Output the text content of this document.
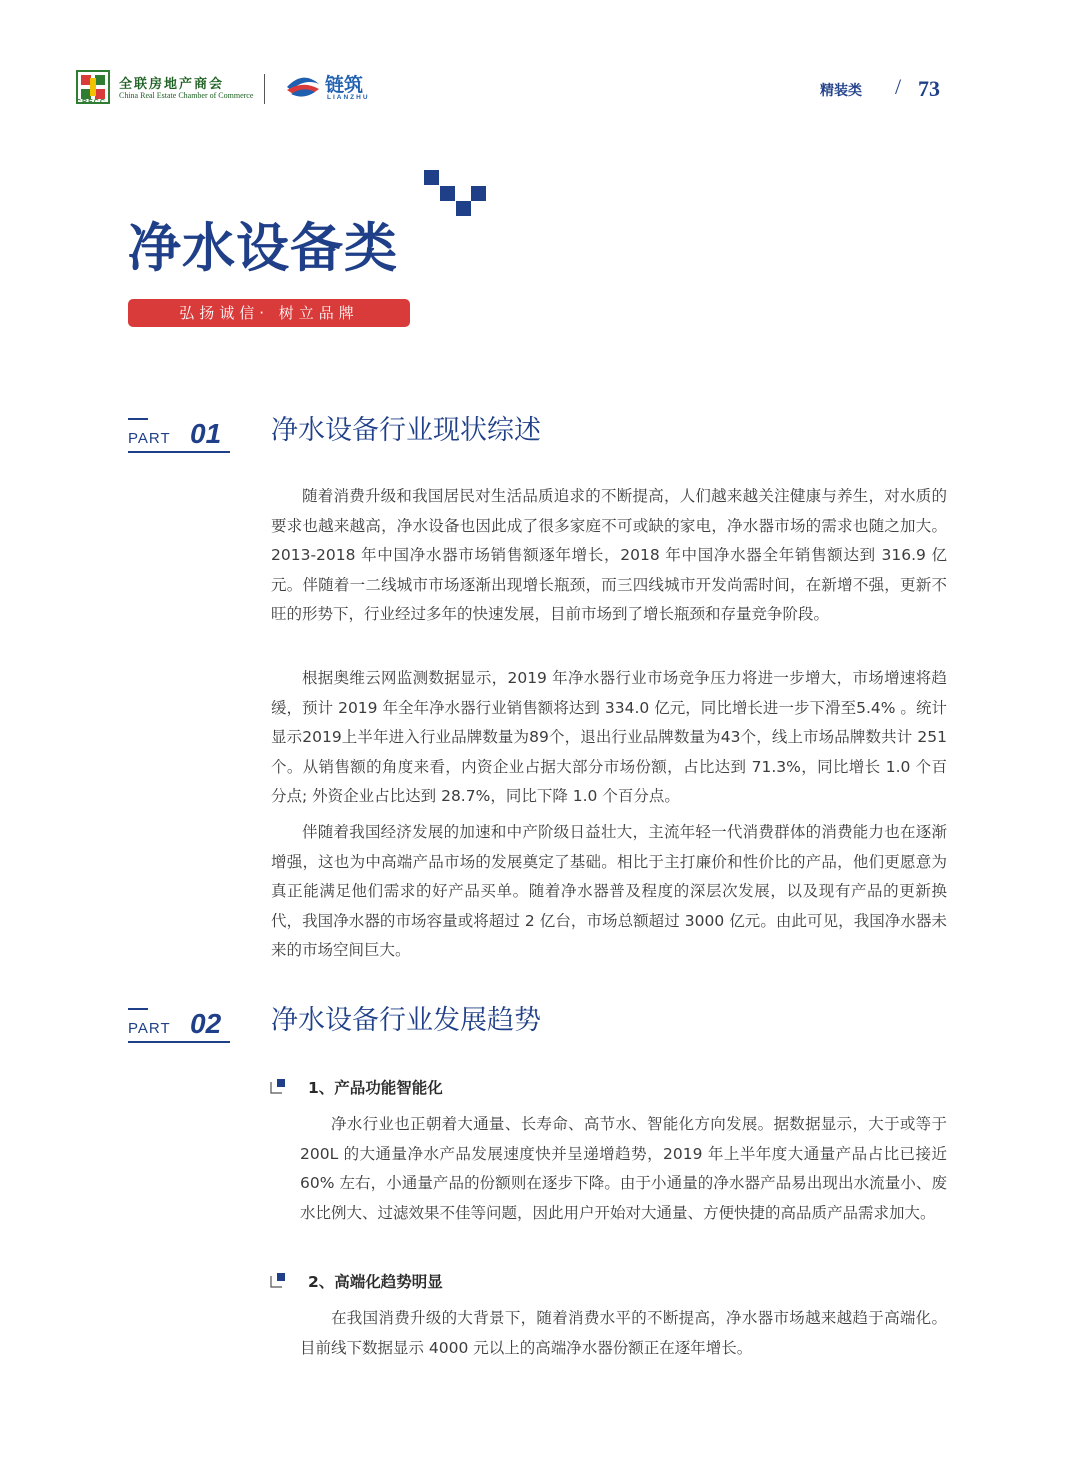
CRECC
全联房地产商会
China Real Estate Chamber of Commerce	链筑
LIANZHU	精装类 / 73
净水设备类
弘扬诚信· 树立品牌
PART 01 净水设备行业现状综述

随着消费升级和我国居民对生活品质追求的不断提高，人们越来越关注健康与养生，对水质的要求也越来越高，净水设备也因此成了很多家庭不可或缺的家电，净水器市场的需求也随之加大。2013-2018 年中国净水器市场销售额逐年增长，2018 年中国净水器全年销售额达到 316.9 亿元。伴随着一二线城市市场逐渐出现增长瓶颈，而三四线城市开发尚需时间，在新增不强，更新不旺的形势下，行业经过多年的快速发展，目前市场到了增长瓶颈和存量竞争阶段。

根据奥维云网监测数据显示，2019 年净水器行业市场竞争压力将进一步增大，市场增速将趋缓，预计 2019 年全年净水器行业销售额将达到 334.0 亿元，同比增长进一步下滑至5.4% 。统计显示2019上半年进入行业品牌数量为89个，退出行业品牌数量为43个，线上市场品牌数共计 251 个。从销售额的角度来看，内资企业占据大部分市场份额，占比达到 71.3%，同比增长 1.0 个百分点; 外资企业占比达到 28.7%，同比下降 1.0 个百分点。

伴随着我国经济发展的加速和中产阶级日益壮大，主流年轻一代消费群体的消费能力也在逐渐增强，这也为中高端产品市场的发展奠定了基础。相比于主打廉价和性价比的产品，他们更愿意为真正能满足他们需求的好产品买单。随着净水器普及程度的深层次发展，以及现有产品的更新换代，我国净水器的市场容量或将超过 2 亿台，市场总额超过 3000 亿元。由此可见，我国净水器未来的市场空间巨大。

PART 02 净水设备行业发展趋势
1、产品功能智能化

净水行业也正朝着大通量、长寿命、高节水、智能化方向发展。据数据显示，大于或等于 200L 的大通量净水产品发展速度快并呈递增趋势，2019 年上半年度大通量产品占比已接近 60% 左右，小通量产品的份额则在逐步下降。由于小通量的净水器产品易出现出水流量小、废水比例大、过滤效果不佳等问题，因此用户开始对大通量、方便快捷的高品质产品需求加大。

2、高端化趋势明显

在我国消费升级的大背景下，随着消费水平的不断提高，净水器市场越来越趋于高端化。目前线下数据显示 4000 元以上的高端净水器份额正在逐年增长。
